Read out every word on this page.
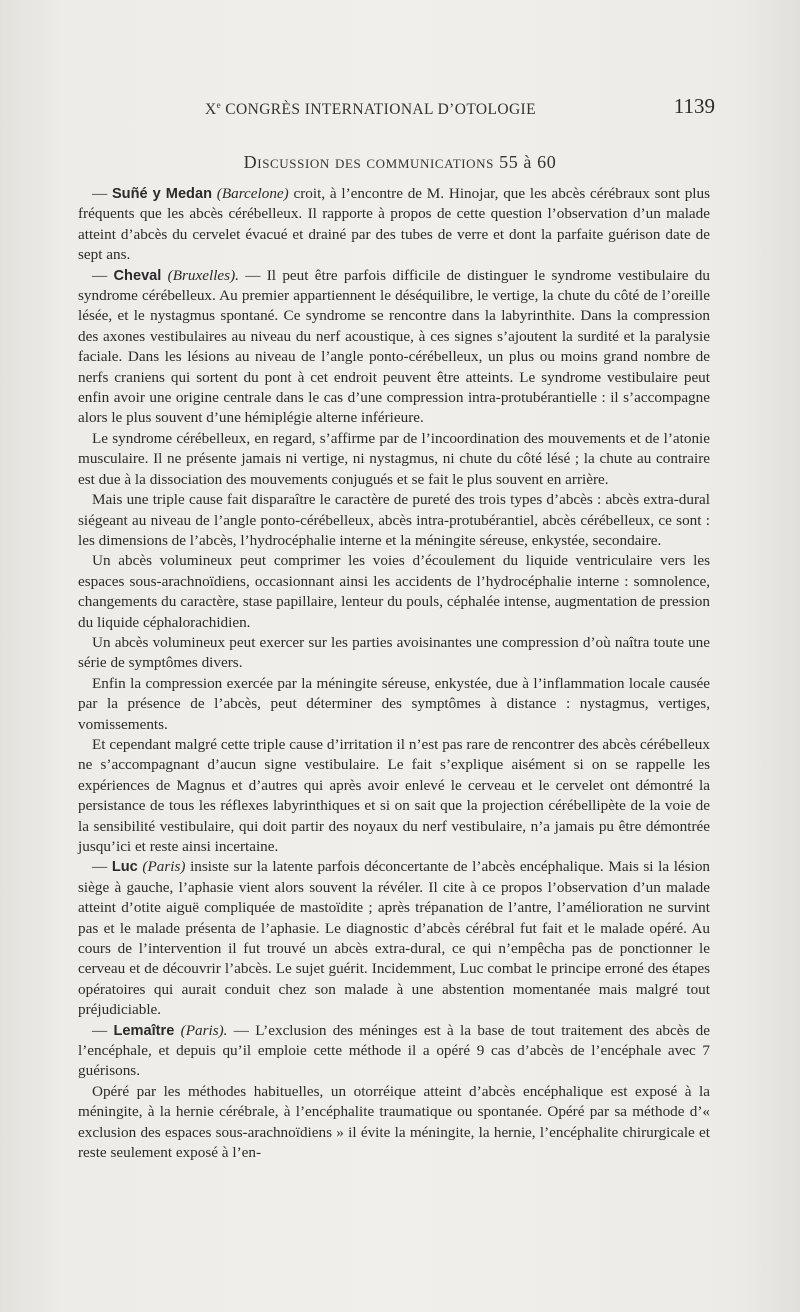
Xe CONGRÈS INTERNATIONAL D’OTOLOGIE	1139
Discussion des communications 55 à 60

— Suñé y Medan (Barcelone) croit, à l’encontre de M. Hinojar, que les abcès cérébraux sont plus fréquents que les abcès cérébelleux. Il rapporte à propos de cette question l’observation d’un malade atteint d’abcès du cervelet évacué et drainé par des tubes de verre et dont la parfaite guérison date de sept ans.

— Cheval (Bruxelles). — Il peut être parfois difficile de distinguer le syndrome vestibulaire du syndrome cérébelleux. Au premier appartiennent le déséquilibre, le vertige, la chute du côté de l’oreille lésée, et le nystagmus spontané. Ce syndrome se rencontre dans la labyrinthite. Dans la compression des axones vestibulaires au niveau du nerf acoustique, à ces signes s’ajoutent la surdité et la paralysie faciale. Dans les lésions au niveau de l’angle ponto-cérébelleux, un plus ou moins grand nombre de nerfs craniens qui sortent du pont à cet endroit peuvent être atteints. Le syndrome vestibulaire peut enfin avoir une origine centrale dans le cas d’une compression intra-protubérantielle : il s’accompagne alors le plus souvent d’une hémiplégie alterne inférieure.

Le syndrome cérébelleux, en regard, s’affirme par de l’incoordination des mouvements et de l’atonie musculaire. Il ne présente jamais ni vertige, ni nystagmus, ni chute du côté lésé ; la chute au contraire est due à la dissociation des mouvements conjugués et se fait le plus souvent en arrière.

Mais une triple cause fait disparaître le caractère de pureté des trois types d’abcès : abcès extra-dural siégeant au niveau de l’angle ponto-cérébelleux, abcès intra-protubérantiel, abcès cérébelleux, ce sont : les dimensions de l’abcès, l’hydrocéphalie interne et la méningite séreuse, enkystée, secondaire.

Un abcès volumineux peut comprimer les voies d’écoulement du liquide ventriculaire vers les espaces sous-arachnoïdiens, occasionnant ainsi les accidents de l’hydrocéphalie interne : somnolence, changements du caractère, stase papillaire, lenteur du pouls, céphalée intense, augmentation de pression du liquide céphalorachidien.

Un abcès volumineux peut exercer sur les parties avoisinantes une compression d’où naîtra toute une série de symptômes divers.

Enfin la compression exercée par la méningite séreuse, enkystée, due à l’inflammation locale causée par la présence de l’abcès, peut déterminer des symptômes à distance : nystagmus, vertiges, vomissements.

Et cependant malgré cette triple cause d’irritation il n’est pas rare de rencontrer des abcès cérébelleux ne s’accompagnant d’aucun signe vestibulaire. Le fait s’explique aisément si on se rappelle les expériences de Magnus et d’autres qui après avoir enlevé le cerveau et le cervelet ont démontré la persistance de tous les réflexes labyrinthiques et si on sait que la projection cérébellipète de la voie de la sensibilité vestibulaire, qui doit partir des noyaux du nerf vestibulaire, n’a jamais pu être démontrée jusqu’ici et reste ainsi incertaine.

— Luc (Paris) insiste sur la latente parfois déconcertante de l’abcès encéphalique. Mais si la lésion siège à gauche, l’aphasie vient alors souvent la révéler. Il cite à ce propos l’observation d’un malade atteint d’otite aiguë compliquée de mastoïdite ; après trépanation de l’antre, l’amélioration ne survint pas et le malade présenta de l’aphasie. Le diagnostic d’abcès cérébral fut fait et le malade opéré. Au cours de l’intervention il fut trouvé un abcès extra-dural, ce qui n’empêcha pas de ponctionner le cerveau et de découvrir l’abcès. Le sujet guérit. Incidemment, Luc combat le principe erroné des étapes opératoires qui aurait conduit chez son malade à une abstention momentanée mais malgré tout préjudiciable.

— Lemaître (Paris). — L’exclusion des méninges est à la base de tout traitement des abcès de l’encéphale, et depuis qu’il emploie cette méthode il a opéré 9 cas d’abcès de l’encéphale avec 7 guérisons.

Opéré par les méthodes habituelles, un otorréique atteint d’abcès encéphalique est exposé à la méningite, à la hernie cérébrale, à l’encéphalite traumatique ou spontanée. Opéré par sa méthode d’« exclusion des espaces sous-arachnoïdiens » il évite la méningite, la hernie, l’encéphalite chirurgicale et reste seulement exposé à l’en-
